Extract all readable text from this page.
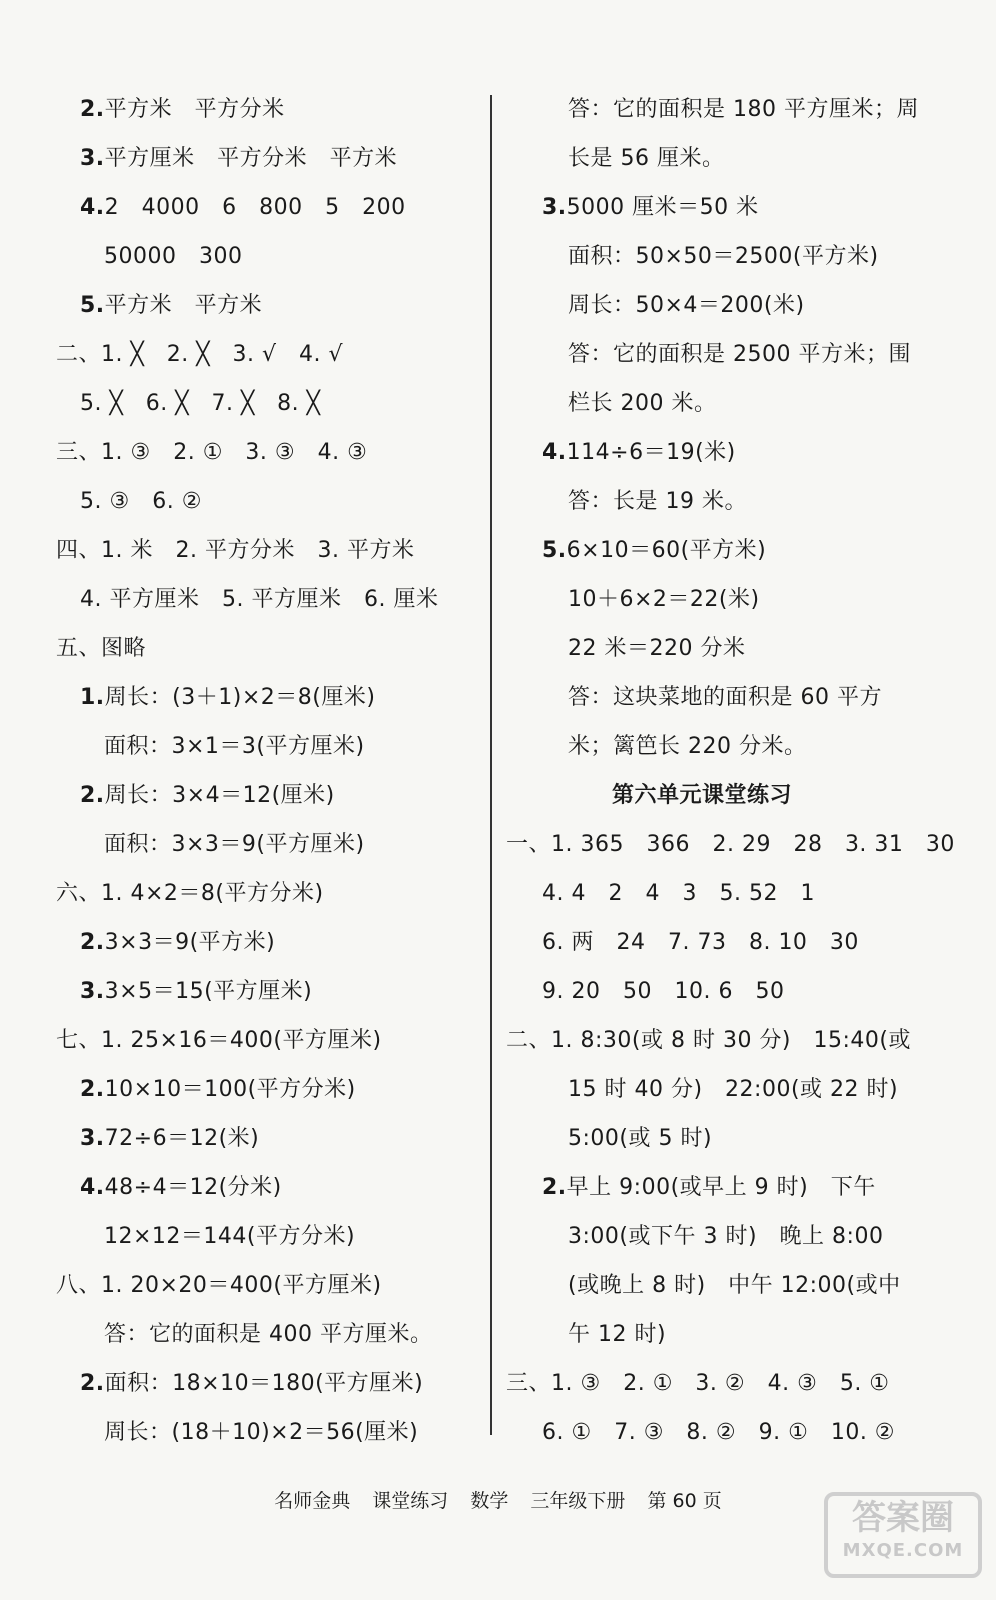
2.平方米　平方分米
3.平方厘米　平方分米　平方米
4.2　4000　6　800　5　200
50000　300
5.平方米　平方米
二、1. ╳　2. ╳　3. √　4. √
5. ╳　6. ╳　7. ╳　8. ╳
三、1. ③　2. ①　3. ③　4. ③
5. ③　6. ②
四、1. 米　2. 平方分米　3. 平方米
4. 平方厘米　5. 平方厘米　6. 厘米
五、图略
1.周长：(3＋1)×2＝8(厘米)
面积：3×1＝3(平方厘米)
2.周长：3×4＝12(厘米)
面积：3×3＝9(平方厘米)
六、1. 4×2＝8(平方分米)
2.3×3＝9(平方米)
3.3×5＝15(平方厘米)
七、1. 25×16＝400(平方厘米)
2.10×10＝100(平方分米)
3.72÷6＝12(米)
4.48÷4＝12(分米)
12×12＝144(平方分米)
八、1. 20×20＝400(平方厘米)
答：它的面积是 400 平方厘米。
2.面积：18×10＝180(平方厘米)
周长：(18＋10)×2＝56(厘米)
答：它的面积是 180 平方厘米；周
长是 56 厘米。
3.5000 厘米＝50 米
面积：50×50＝2500(平方米)
周长：50×4＝200(米)
答：它的面积是 2500 平方米；围
栏长 200 米。
4.114÷6＝19(米)
答：长是 19 米。
5.6×10＝60(平方米)
10＋6×2＝22(米)
22 米＝220 分米
答：这块菜地的面积是 60 平方
米；篱笆长 220 分米。
第六单元课堂练习
一、1. 365　366　2. 29　28　3. 31　30
4. 4　2　4　3　5. 52　1
6. 两　24　7. 73　8. 10　30
9. 20　50　10. 6　50
二、1. 8:30(或 8 时 30 分)　15:40(或
15 时 40 分)　22:00(或 22 时)
5:00(或 5 时)
2.早上 9:00(或早上 9 时)　下午
3:00(或下午 3 时)　晚上 8:00
(或晚上 8 时)　中午 12:00(或中
午 12 时)
三、1. ③　2. ①　3. ②　4. ③　5. ①
6. ①　7. ③　8. ②　9. ①　10. ②
名师金典 课堂练习 数学 三年级下册 第 60 页	答案圈
MXQE.COM
